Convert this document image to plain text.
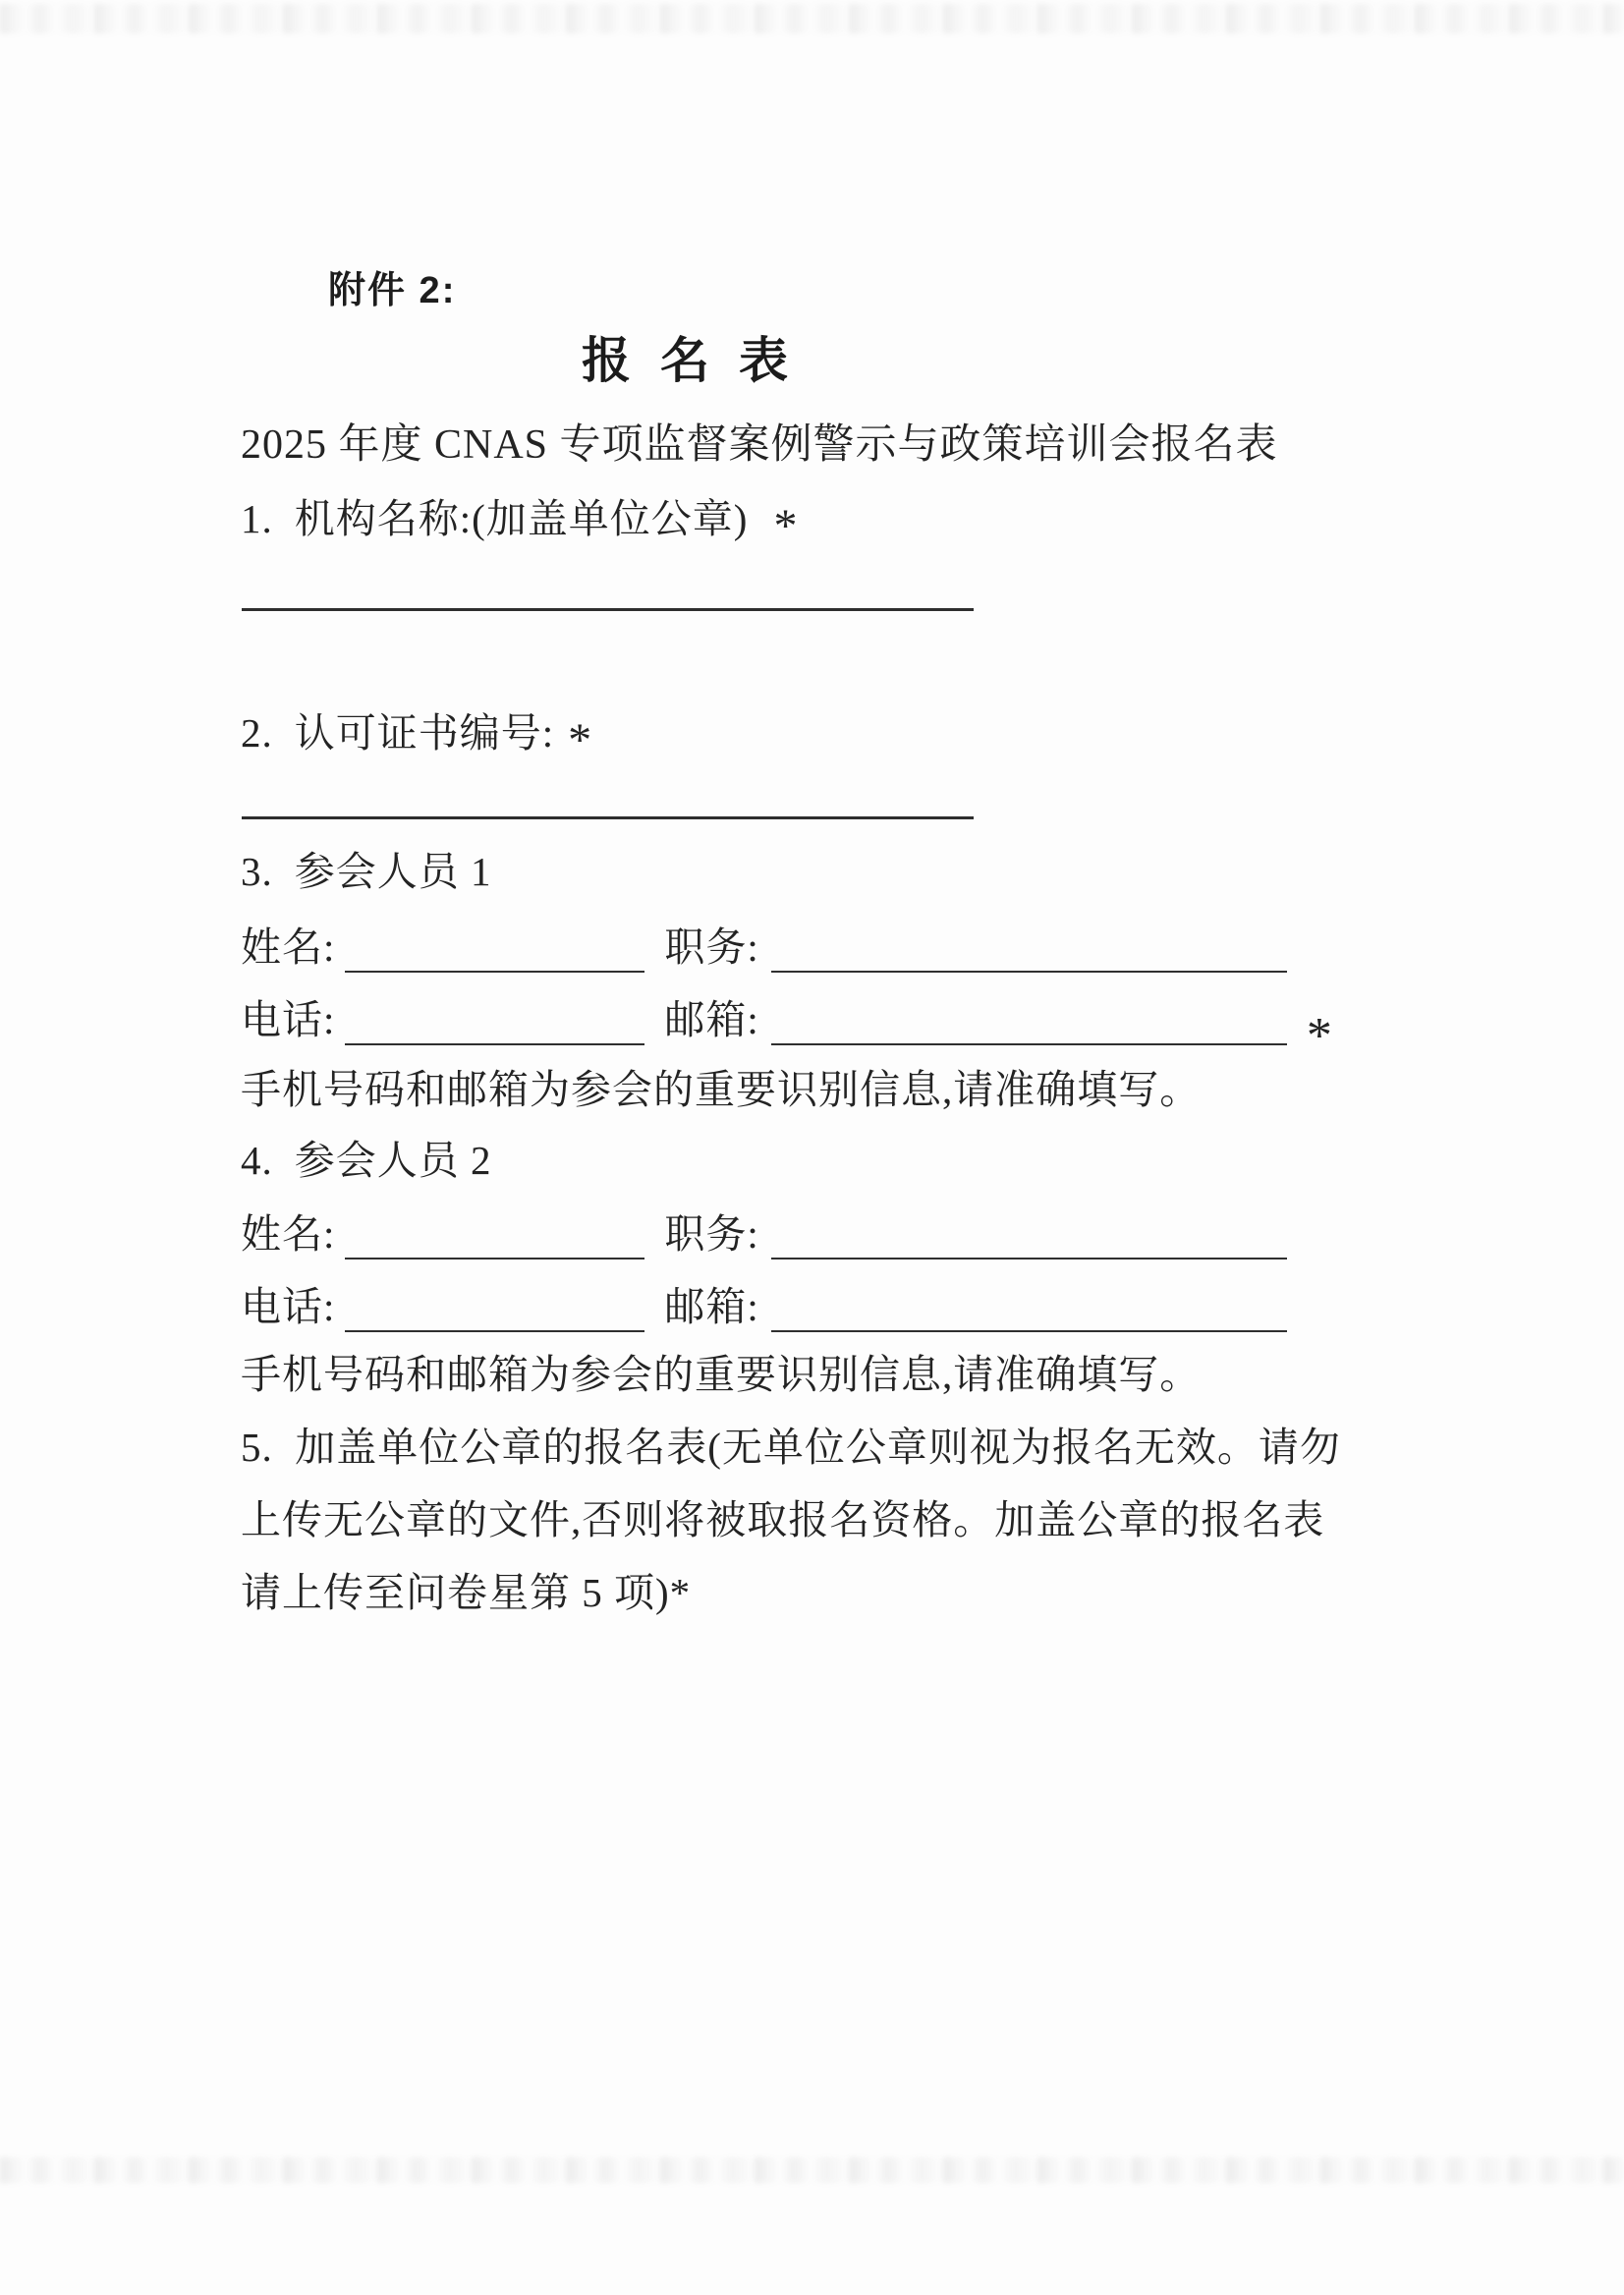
附件 2:
报名表
2025 年度 CNAS 专项监督案例警示与政策培训会报名表
1. 机构名称:(加盖单位公章) *
2. 认可证书编号: *
3. 参会人员 1
姓名:	职务:
电话:	邮箱:	*
手机号码和邮箱为参会的重要识别信息,请准确填写。
4. 参会人员 2
姓名:	职务:
电话:	邮箱:
手机号码和邮箱为参会的重要识别信息,请准确填写。
5.  加盖单位公章的报名表(无单位公章则视为报名无效。请勿
上传无公章的文件,否则将被取报名资格。加盖公章的报名表
请上传至问卷星第 5 项)*
